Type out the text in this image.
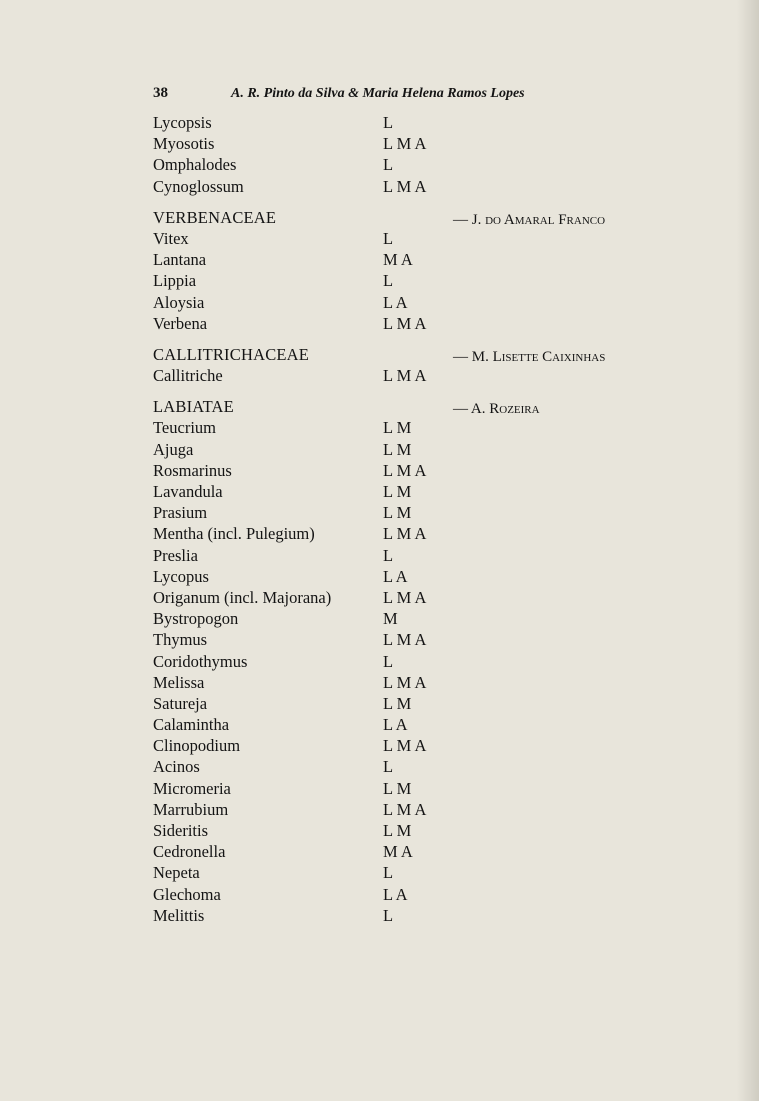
38	A. R. Pinto da Silva & Maria Helena Ramos Lopes
Lycopsis	L
Myosotis	L M A
Omphalodes	L
Cynoglossum	L M A
VERBENACEAE	— J. do Amaral Franco
Vitex	L
Lantana	M A
Lippia	L
Aloysia	L A
Verbena	L M A
CALLITRICHACEAE	— M. Lisette Caixinhas
Callitriche	L M A
LABIATAE	— A. Rozeira
Teucrium	L M
Ajuga	L M
Rosmarinus	L M A
Lavandula	L M
Prasium	L M
Mentha (incl. Pulegium)	L M A
Preslia	L
Lycopus	L A
Origanum (incl. Majorana)	L M A
Bystropogon	M
Thymus	L M A
Coridothymus	L
Melissa	L M A
Satureja	L M
Calamintha	L A
Clinopodium	L M A
Acinos	L
Micromeria	L M
Marrubium	L M A
Sideritis	L M
Cedronella	M A
Nepeta	L
Glechoma	L A
Melittis	L
